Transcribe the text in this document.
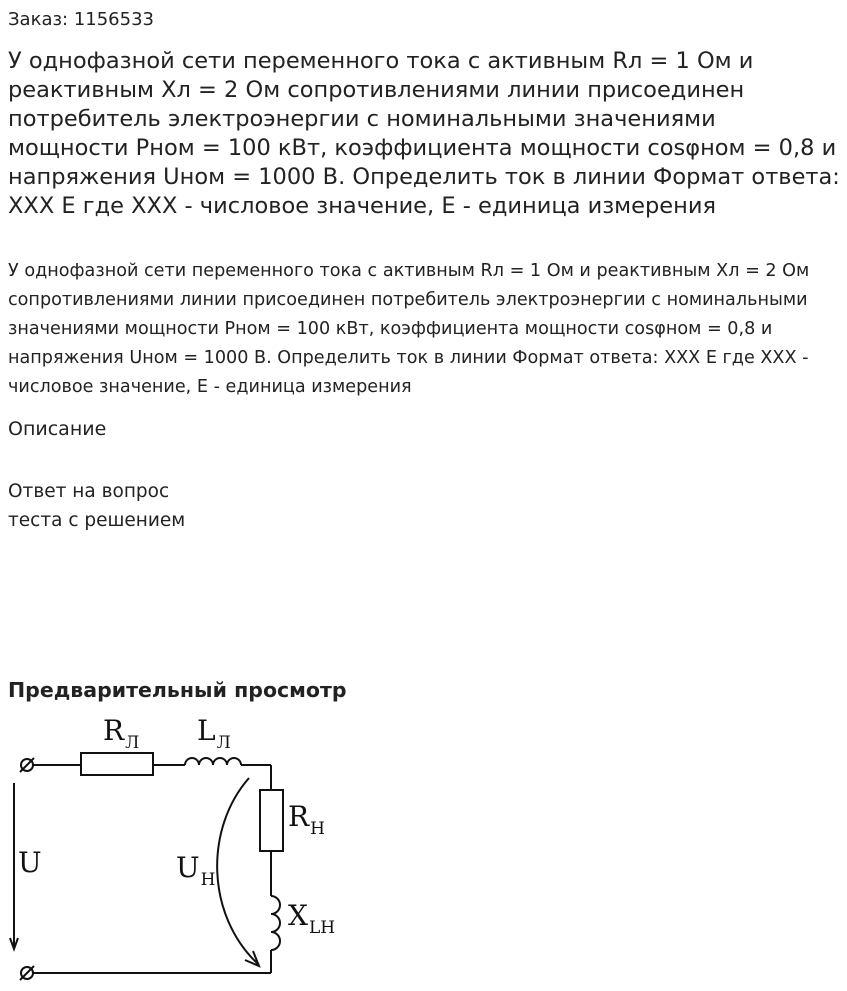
Заказ: 1156533

У однофазной сети переменного тока с активным Rл = 1 Ом и реактивным Xл = 2 Ом сопротивлениями линии присоединен потребитель электроэнергии с номинальными значениями мощности Pном = 100 кВт, коэффициента мощности cosφном = 0,8 и напряжения Uном = 1000 В. Определить ток в линии Формат ответа: XXX E где XXX - числовое значение, E - единица измерения

У однофазной сети переменного тока с активным Rл = 1 Ом и реактивным Xл = 2 Ом сопротивлениями линии присоединен потребитель электроэнергии с номинальными значениями мощности Pном = 100 кВт, коэффициента мощности cosφном = 0,8 и напряжения Uном = 1000 В. Определить ток в линии Формат ответа: XXX E где XXX - числовое значение, E - единица измерения

Описание

Ответ на вопрос теста с решением

Предварительный просмотр
$R_Л$ $L_Л$
$R_Н$
$X_{LН}$
$U_Н$
U
